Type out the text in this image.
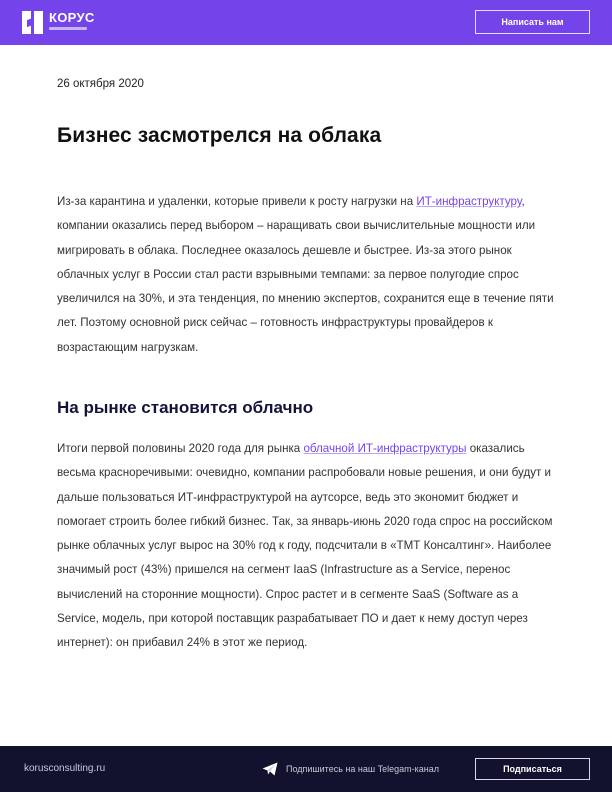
КОРУС	Написать нам
26 октября 2020
Бизнес засмотрелся на облака

Из-за карантина и удаленки, которые привели к росту нагрузки на ИТ-инфраструктуру, компании оказались перед выбором – наращивать свои вычислительные мощности или мигрировать в облака. Последнее оказалось дешевле и быстрее. Из-за этого рынок облачных услуг в России стал расти взрывными темпами: за первое полугодие спрос увеличился на 30%, и эта тенденция, по мнению экспертов, сохранится еще в течение пяти лет. Поэтому основной риск сейчас – готовность инфраструктуры провайдеров к возрастающим нагрузкам.

На рынке становится облачно

Итоги первой половины 2020 года для рынка облачной ИТ-инфраструктуры оказались весьма красноречивыми: очевидно, компании распробовали новые решения, и они будут и дальше пользоваться ИТ-инфраструктурой на аутсорсе, ведь это экономит бюджет и помогает строить более гибкий бизнес. Так, за январь-июнь 2020 года спрос на российском рынке облачных услуг вырос на 30% год к году, подсчитали в «ТМТ Консалтинг». Наиболее значимый рост (43%) пришелся на сегмент IaaS (Infrastructure as a Service, перенос вычислений на сторонние мощности). Спрос растет и в сегменте SaaS (Software as a Service, модель, при которой поставщик разрабатывает ПО и дает к нему доступ через интернет): он прибавил 24% в этот же период.

korusconsulting.ru	Подпишитесь на наш Telegam-канал	Подписаться
